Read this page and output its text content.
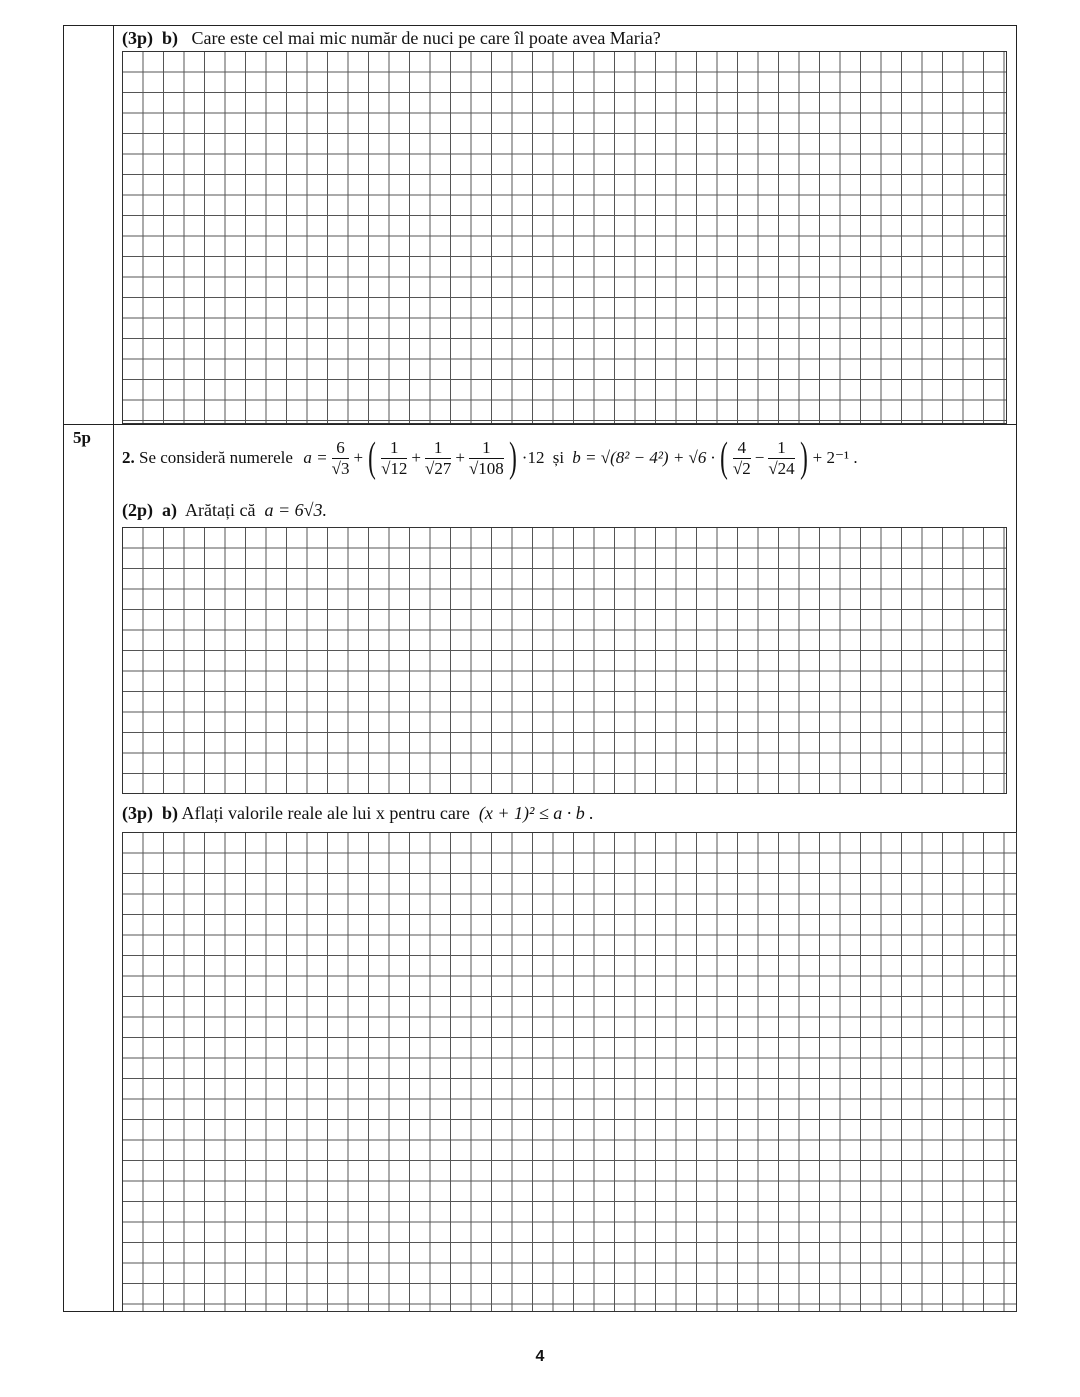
(3p) b) Care este cel mai mic număr de nuci pe care îl poate avea Maria?
5p
2.
Se consideră numerele
$a = \frac{6}{√3}$ + ( $\frac{1}{√12} + \frac{1}{√27} + \frac{1}{√108}$ ) ·12
și
b = √(8² − 4²) + √6 · ( $\frac{4}{√2} - \frac{1}{√24}$ ) + 2⁻¹ .
(2p) a) Arătați că a = 6√3.
(3p) b) Aflați valorile reale ale lui x pentru care (x + 1)² ≤ a · b .
4
